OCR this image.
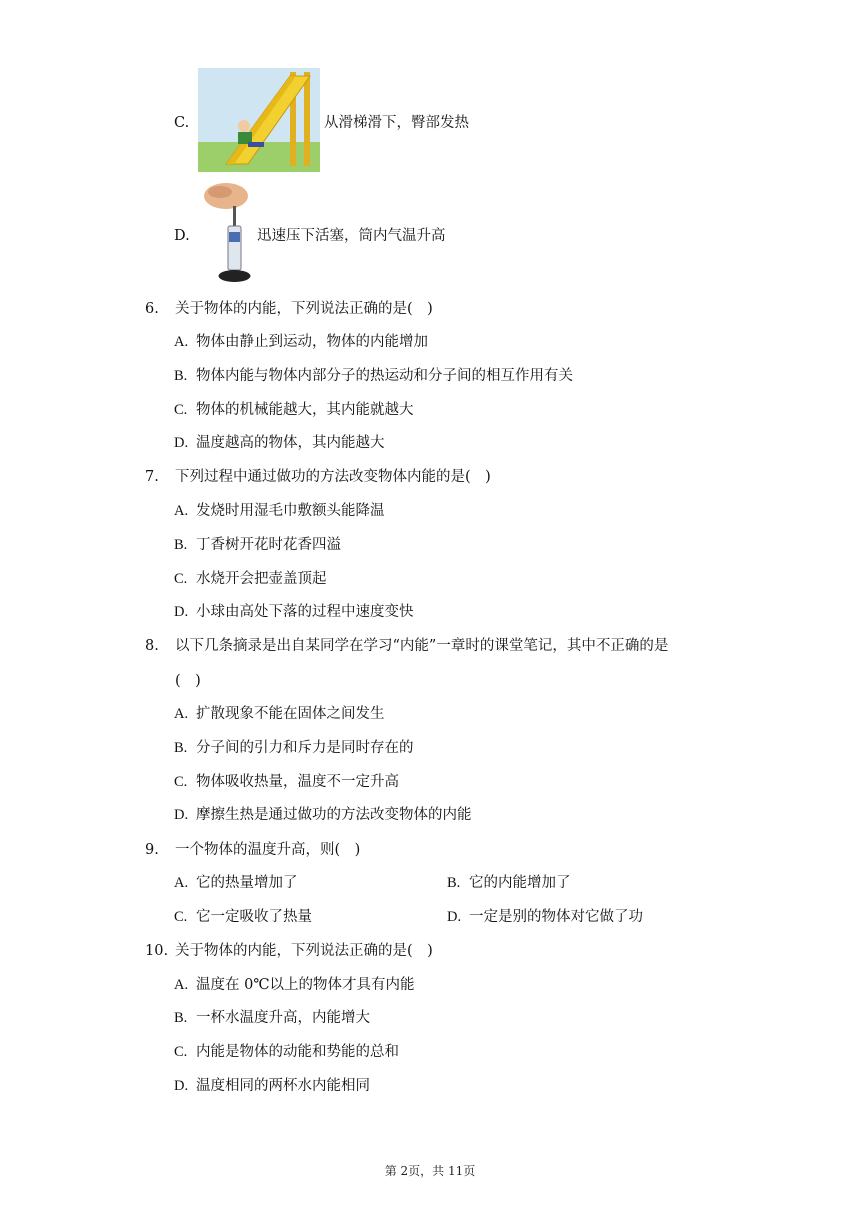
C.	从滑梯滑下，臀部发热
D.	迅速压下活塞，筒内气温升高
6. 关于物体的内能，下列说法正确的是(　)
A. 物体由静止到运动，物体的内能增加
B. 物体内能与物体内部分子的热运动和分子间的相互作用有关
C. 物体的机械能越大，其内能就越大
D. 温度越高的物体，其内能越大
7. 下列过程中通过做功的方法改变物体内能的是(　)
A. 发烧时用湿毛巾敷额头能降温
B. 丁香树开花时花香四溢
C. 水烧开会把壶盖顶起
D. 小球由高处下落的过程中速度变快
8. 以下几条摘录是出自某同学在学习“内能”一章时的课堂笔记，其中不正确的是
(　)
A. 扩散现象不能在固体之间发生
B. 分子间的引力和斥力是同时存在的
C. 物体吸收热量，温度不一定升高
D. 摩擦生热是通过做功的方法改变物体的内能
9. 一个物体的温度升高，则(　)
A. 它的热量增加了	B. 它的内能增加了
C. 它一定吸收了热量	D. 一定是别的物体对它做了功
10. 关于物体的内能，下列说法正确的是(　)
A. 温度在 0℃以上的物体才具有内能
B. 一杯水温度升高，内能增大
C. 内能是物体的动能和势能的总和
D. 温度相同的两杯水内能相同
第 2页，共 11页
